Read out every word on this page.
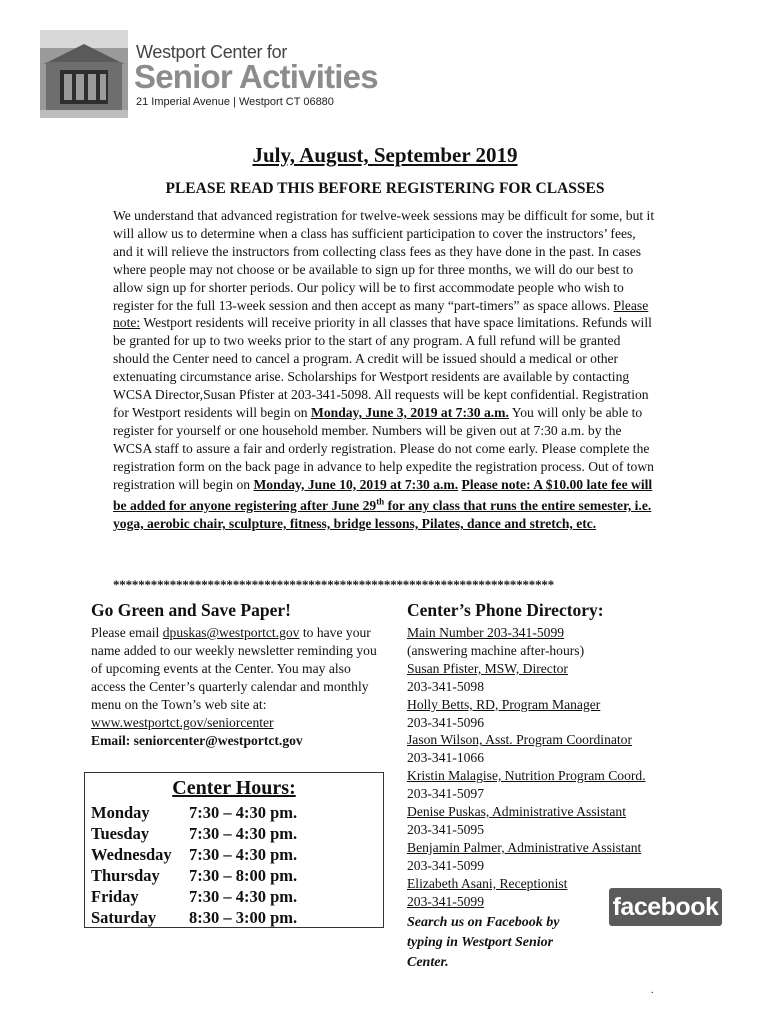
Westport Center for
Senior Activities
21 Imperial Avenue | Westport CT 06880
July, August, September 2019
PLEASE READ THIS BEFORE REGISTERING FOR CLASSES
We understand that advanced registration for twelve-week sessions may be difficult for some, but it will allow us to determine when a class has sufficient participation to cover the instructors’ fees, and it will relieve the instructors from collecting class fees as they have done in the past. In cases where people may not choose or be available to sign up for three months, we will do our best to allow sign up for shorter periods. Our policy will be to first accommodate people who wish to register for the full 13-week session and then accept as many “part-timers” as space allows. Please note: Westport residents will receive priority in all classes that have space limitations. Refunds will be granted for up to two weeks prior to the start of any program. A full refund will be granted should the Center need to cancel a program. A credit will be issued should a medical or other extenuating circumstance arise. Scholarships for Westport residents are available by contacting WCSA Director,Susan Pfister at 203-341-5098. All requests will be kept confidential. Registration for Westport residents will begin on Monday, June 3, 2019 at 7:30 a.m. You will only be able to register for yourself or one household member. Numbers will be given out at 7:30 a.m. by the WCSA staff to assure a fair and orderly registration. Please do not come early. Please complete the registration form on the back page in advance to help expedite the registration process. Out of town registration will begin on Monday, June 10, 2019 at 7:30 a.m. Please note: A $10.00 late fee will be added for anyone registering after June 29th for any class that runs the entire semester, i.e. yoga, aerobic chair, sculpture, fitness, bridge lessons, Pilates, dance and stretch, etc.
**********************************************************************
Go Green and Save Paper!
Please email dpuskas@westportct.gov to have your name added to our weekly newsletter reminding you of upcoming events at the Center. You may also access the Center’s quarterly calendar and monthly menu on the Town’s web site at: www.westportct.gov/seniorcenter
Email: seniorcenter@westportct.gov
Center Hours:
Monday 7:30 – 4:30 pm.
Tuesday 7:30 – 4:30 pm.
Wednesday 7:30 – 4:30 pm.
Thursday 7:30 – 8:00 pm.
Friday	7:30 – 4:30 pm.
Saturday 8:30 – 3:00 pm.
Center’s Phone Directory:
Main Number 203-341-5099
(answering machine after-hours)
Susan Pfister, MSW, Director
203-341-5098
Holly Betts, RD, Program Manager
203-341-5096
Jason Wilson, Asst. Program Coordinator
203-341-1066
Kristin Malagise, Nutrition Program Coord.
203-341-5097
Denise Puskas, Administrative Assistant
203-341-5095
Benjamin Palmer, Administrative Assistant
203-341-5099
Elizabeth Asani, Receptionist
203-341-5099
Search us on Facebook by typing in Westport Senior Center.
facebook
.
